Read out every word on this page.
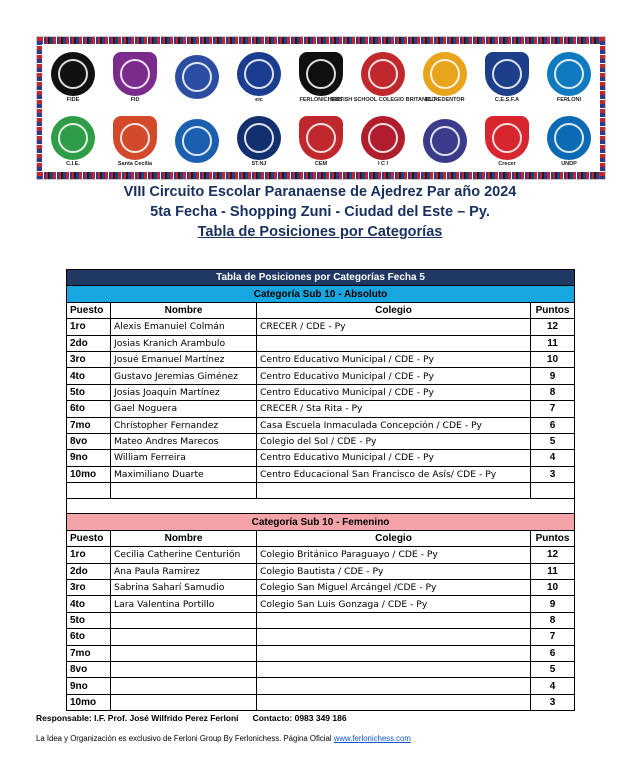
FIDE	FID	eic	FERLONICHESS
BRITISH SCHOOL COLEGIO BRITANICO
EL REDENTOR	C.E.S.F.A	FERLONI
C.I.E.	Santa Cecilia	ST.NJ	CEM	I C I	Crecer	UNDP
VIII Circuito Escolar Paranaense de Ajedrez Par año 2024
5ta Fecha - Shopping Zuni - Ciudad del Este – Py.
Tabla de Posiciones por Categorías
Tabla de Posiciones por Categorías Fecha 5			
Categoría Sub 10 - Absoluto			
Puesto	Nombre	Colegio	Puntos
1ro	Alexis Emanuiel Colmán	CRECER / CDE - Py	12
2do	Josias Kranich Arambulo		11
3ro	Josué Emanuel Martínez	Centro Educativo Municipal / CDE - Py	10
4to	Gustavo Jeremias Giménez	Centro Educativo Municipal / CDE - Py	9
5to	Josias Joaquin Martínez	Centro Educativo Municipal / CDE - Py	8
6to	Gael Noguera	CRECER / Sta Rita - Py	7
7mo	Christopher Fernandez	Casa Escuela Inmaculada Concepción / CDE - Py	6
8vo	Mateo Andres Marecos	Colegio del Sol / CDE - Py	5
9no	William Ferreira	Centro Educativo Municipal / CDE - Py	4
10mo	Maximiliano Duarte	Centro Educacional San Francisco de Asís/ CDE - Py	3

Categoría Sub 10 - Femenino			
Puesto	Nombre	Colegio	Puntos
1ro	Cecilia Catherine Centurión	Colegio Británico Paraguayo / CDE - Py	12
2do	Ana Paula Ramirez	Colegio Bautista / CDE - Py	11
3ro	Sabrina Saharí Samudio	Colegio San Miguel Arcángel /CDE - Py	10
4to	Lara Valentina Portillo	Colegio San Luis Gonzaga / CDE - Py	9
5to			8
6to			7
7mo			6
8vo			5
9no			4
10mo			3
Responsable: I.F. Prof. José Wilfrido Perez Ferloni Contacto: 0983 349 186
La Idea y Organización es exclusivo de Ferloni Group By Ferlonichess. Página Oficial www.ferlonichess.com
